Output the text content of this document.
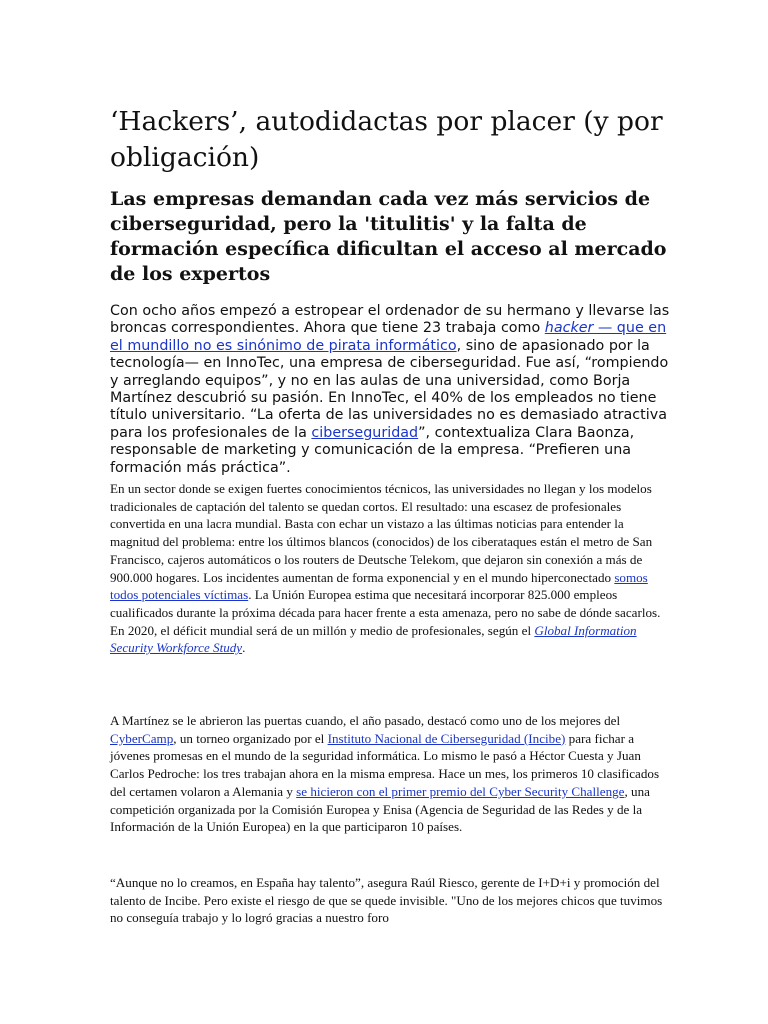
‘Hackers’, autodidactas por placer (y por obligación)
Las empresas demandan cada vez más servicios de ciberseguridad, pero la 'titulitis' y la falta de formación específica dificultan el acceso al mercado de los expertos

Con ocho años empezó a estropear el ordenador de su hermano y llevarse las broncas correspondientes. Ahora que tiene 23 trabaja como hacker — que en el mundillo no es sinónimo de pirata informático, sino de apasionado por la tecnología— en InnoTec, una empresa de ciberseguridad. Fue así, “rompiendo y arreglando equipos”, y no en las aulas de una universidad, como Borja Martínez descubrió su pasión. En InnoTec, el 40% de los empleados no tiene título universitario. “La oferta de las universidades no es demasiado atractiva para los profesionales de la ciberseguridad”, contextualiza Clara Baonza, responsable de marketing y comunicación de la empresa. “Prefieren una formación más práctica”.

En un sector donde se exigen fuertes conocimientos técnicos, las universidades no llegan y los modelos tradicionales de captación del talento se quedan cortos. El resultado: una escasez de profesionales convertida en una lacra mundial. Basta con echar un vistazo a las últimas noticias para entender la magnitud del problema: entre los últimos blancos (conocidos) de los ciberataques están el metro de San Francisco, cajeros automáticos o los routers de Deutsche Telekom, que dejaron sin conexión a más de 900.000 hogares. Los incidentes aumentan de forma exponencial y en el mundo hiperconectado somos todos potenciales víctimas. La Unión Europea estima que necesitará incorporar 825.000 empleos cualificados durante la próxima década para hacer frente a esta amenaza, pero no sabe de dónde sacarlos. En 2020, el déficit mundial será de un millón y medio de profesionales, según el Global Information Security Workforce Study.

A Martínez se le abrieron las puertas cuando, el año pasado, destacó como uno de los mejores del CyberCamp, un torneo organizado por el Instituto Nacional de Ciberseguridad (Incibe) para fichar a jóvenes promesas en el mundo de la seguridad informática. Lo mismo le pasó a Héctor Cuesta y Juan Carlos Pedroche: los tres trabajan ahora en la misma empresa. Hace un mes, los primeros 10 clasificados del certamen volaron a Alemania y se hicieron con el primer premio del Cyber Security Challenge, una competición organizada por la Comisión Europea y Enisa (Agencia de Seguridad de las Redes y de la Información de la Unión Europea) en la que participaron 10 países.

“Aunque no lo creamos, en España hay talento”, asegura Raúl Riesco, gerente de I+D+i y promoción del talento de Incibe. Pero existe el riesgo de que se quede invisible. "Uno de los mejores chicos que tuvimos no conseguía trabajo y lo logró gracias a nuestro foro
